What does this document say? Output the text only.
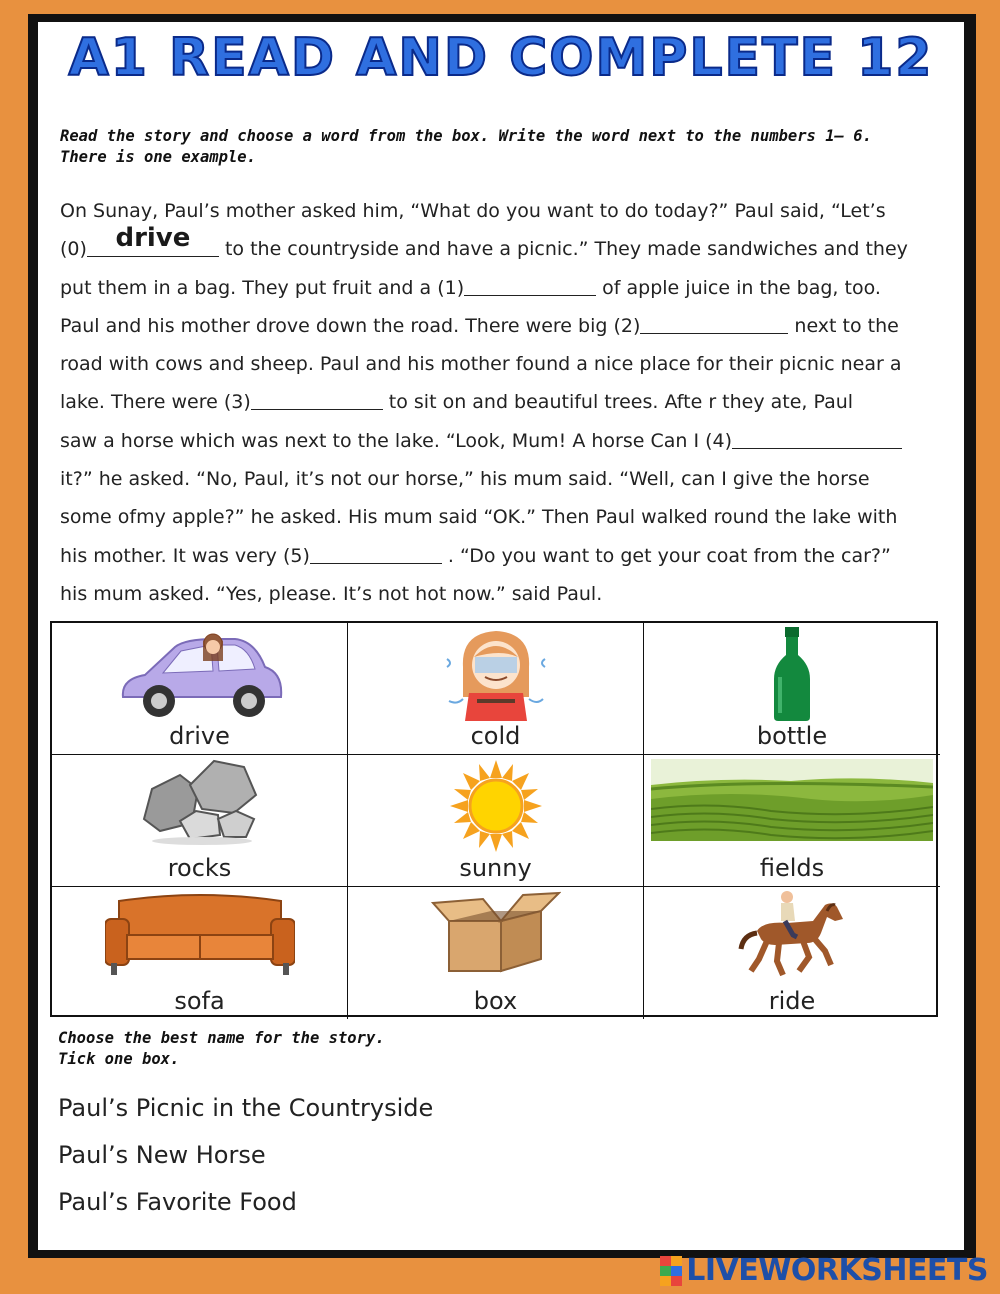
A1 READ AND COMPLETE 12
Read the story and choose a word from the box. Write the word next to the numbers 1– 6.
There is one example.
On Sunay, Paul’s mother asked him, “What do you want to do today?” Paul said, “Let’s
(0)	drive	to the countryside and have a picnic.” They made sandwiches and they
put them in a bag. They put fruit and a (1)	of apple juice in the bag, too.
Paul and his mother drove down the road. There were big (2)	next to the
road with cows and sheep. Paul and his mother found a nice place for their picnic near a
lake. There were (3)	to sit on and beautiful trees. Afte r they ate, Paul
saw a horse which was next to the lake. “Look, Mum! A horse Can I (4)
it?” he asked. “No, Paul, it’s not our horse,” his mum said. “Well, can I give the horse
some ofmy apple?” he asked. His mum said “OK.” Then Paul walked round the lake with
his mother. It was very (5)	. “Do you want to get your coat from the car?”
his mum asked. “Yes, please. It’s not hot now.” said Paul.
drive	cold	bottle
rocks	sunny	fields
sofa	box	ride
Choose the best name for the story.
Tick one box.
Paul’s Picnic in the Countryside
Paul’s New Horse
Paul’s Favorite Food
LIVEWORKSHEETS
